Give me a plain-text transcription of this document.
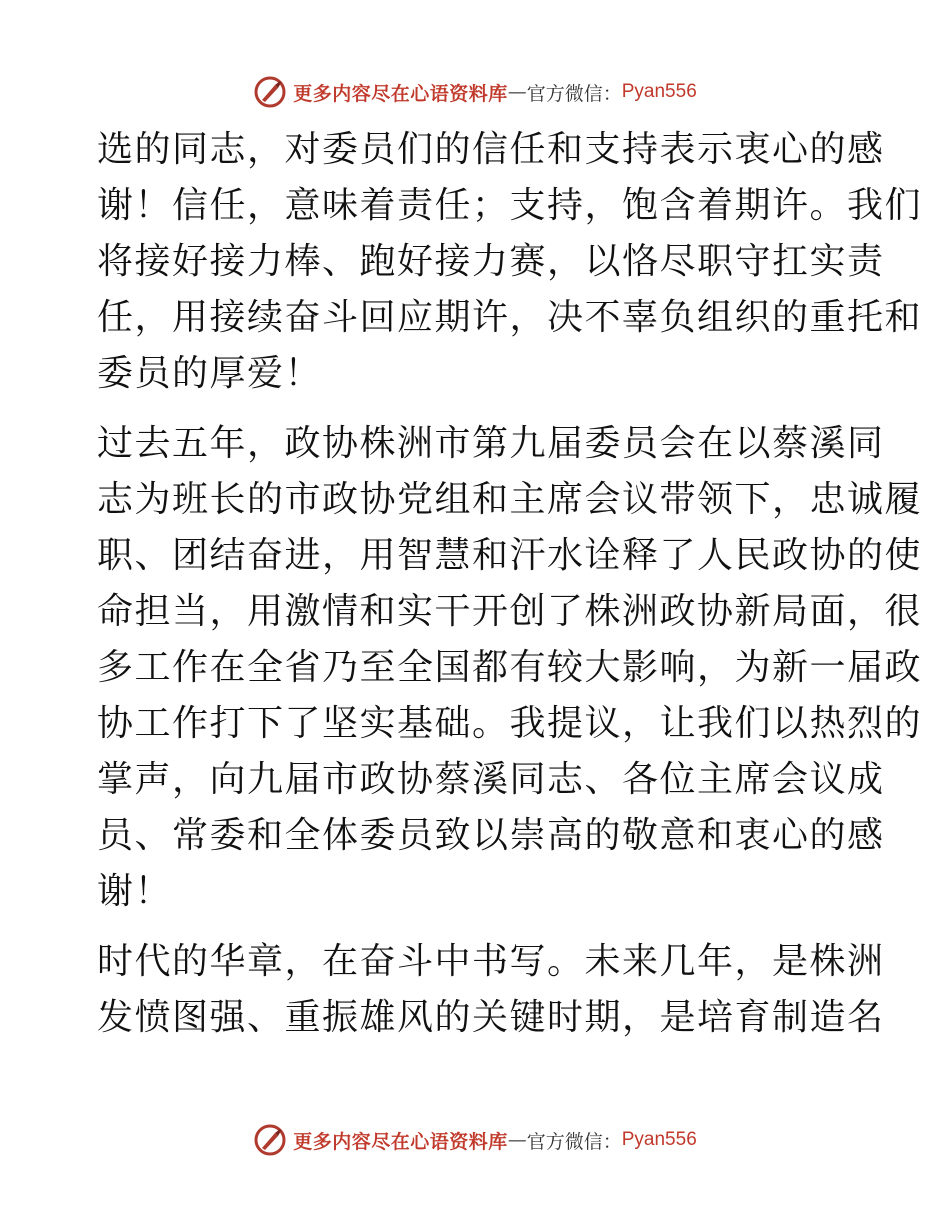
更多内容尽在心语资料库 — 官方微信： Pyan556

选的同志，对委员们的信任和支持表示衷心的感
谢！信任，意味着责任；支持，饱含着期许。我们
将接好接力棒、跑好接力赛，以恪尽职守扛实责
任，用接续奋斗回应期许，决不辜负组织的重托和
委员的厚爱！

过去五年，政协株洲市第九届委员会在以蔡溪同
志为班长的市政协党组和主席会议带领下，忠诚履
职、团结奋进，用智慧和汗水诠释了人民政协的使
命担当，用激情和实干开创了株洲政协新局面，很
多工作在全省乃至全国都有较大影响，为新一届政
协工作打下了坚实基础。我提议，让我们以热烈的
掌声，向九届市政协蔡溪同志、各位主席会议成
员、常委和全体委员致以崇高的敬意和衷心的感
谢！

时代的华章，在奋斗中书写。未来几年，是株洲
发愤图强、重振雄风的关键时期，是培育制造名

更多内容尽在心语资料库 — 官方微信： Pyan556
